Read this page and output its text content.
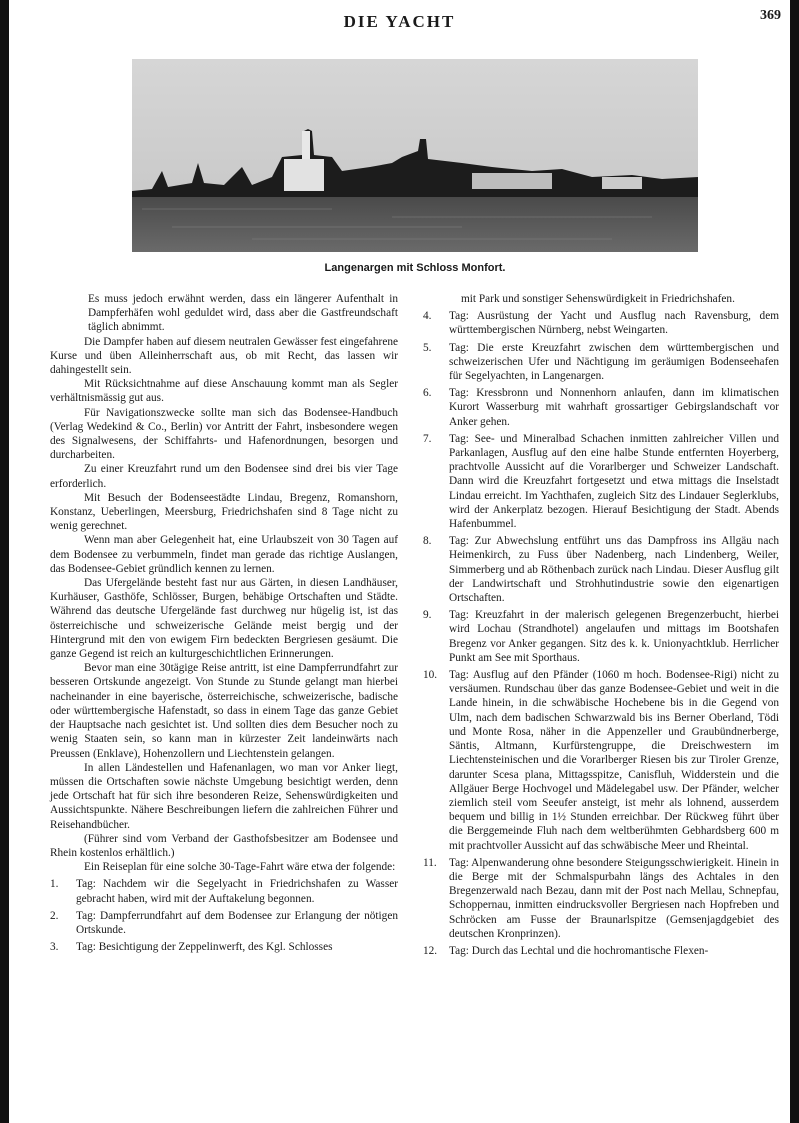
DIE YACHT	369
Langenargen mit Schloss Monfort.

Es muss jedoch erwähnt werden, dass ein längerer Aufenthalt in Dampferhäfen wohl geduldet wird, dass aber die Gastfreundschaft täglich abnimmt.

Die Dampfer haben auf diesem neutralen Gewässer fest eingefahrene Kurse und üben Alleinherrschaft aus, ob mit Recht, das lassen wir dahingestellt sein.

Mit Rücksichtnahme auf diese Anschauung kommt man als Segler verhältnismässig gut aus.

Für Navigationszwecke sollte man sich das Bodensee-Handbuch (Verlag Wedekind & Co., Berlin) vor Antritt der Fahrt, insbesondere wegen des Signalwesens, der Schiffahrts- und Hafenordnungen, besorgen und durcharbeiten.

Zu einer Kreuzfahrt rund um den Bodensee sind drei bis vier Tage erforderlich.

Mit Besuch der Bodenseestädte Lindau, Bregenz, Romanshorn, Konstanz, Ueberlingen, Meersburg, Friedrichshafen sind 8 Tage nicht zu wenig gerechnet.

Wenn man aber Gelegenheit hat, eine Urlaubszeit von 30 Tagen auf dem Bodensee zu verbummeln, findet man gerade das richtige Auslangen, das Bodensee-Gebiet gründlich kennen zu lernen.

Das Ufergelände besteht fast nur aus Gärten, in diesen Landhäuser, Kurhäuser, Gasthöfe, Schlösser, Burgen, behäbige Ortschaften und Städte. Während das deutsche Ufergelände fast durchweg nur hügelig ist, ist das österreichische und schweizerische Gelände meist bergig und der Hintergrund mit den von ewigem Firn bedeckten Bergriesen gesäumt. Die ganze Gegend ist reich an kulturgeschichtlichen Erinnerungen.

Bevor man eine 30tägige Reise antritt, ist eine Dampferrundfahrt zur besseren Ortskunde angezeigt. Von Stunde zu Stunde gelangt man hierbei nacheinander in eine bayerische, österreichische, schweizerische, badische oder württembergische Hafenstadt, so dass in einem Tage das ganze Gebiet der Hauptsache nach gesichtet ist. Und sollten dies dem Besucher noch zu wenig Staaten sein, so kann man in kürzester Zeit landeinwärts nach Preussen (Enklave), Hohenzollern und Liechtenstein gelangen.

In allen Ländestellen und Hafenanlagen, wo man vor Anker liegt, müssen die Ortschaften sowie nächste Umgebung besichtigt werden, denn jede Ortschaft hat für sich ihre besonderen Reize, Sehenswürdigkeiten und Aussichtspunkte. Nähere Beschreibungen liefern die zahlreichen Führer und Reisehandbücher.

(Führer sind vom Verband der Gasthofsbesitzer am Bodensee und Rhein kostenlos erhältlich.)

Ein Reiseplan für eine solche 30-Tage-Fahrt wäre etwa der folgende:

1. Tag: Nachdem wir die Segelyacht in Friedrichshafen zu Wasser gebracht haben, wird mit der Auftakelung begonnen.
2. Tag: Dampferrundfahrt auf dem Bodensee zur Erlangung der nötigen Ortskunde.
3. Tag: Besichtigung der Zeppelinwerft, des Kgl. Schlosses

mit Park und sonstiger Sehenswürdigkeit in Friedrichshafen.

4. Tag: Ausrüstung der Yacht und Ausflug nach Ravensburg, dem württembergischen Nürnberg, nebst Weingarten.
5. Tag: Die erste Kreuzfahrt zwischen dem württembergischen und schweizerischen Ufer und Nächtigung im geräumigen Bodenseehafen für Segelyachten, in Langenargen.
6. Tag: Kressbronn und Nonnenhorn anlaufen, dann im klimatischen Kurort Wasserburg mit wahrhaft grossartiger Gebirgslandschaft vor Anker gehen.
7. Tag: See- und Mineralbad Schachen inmitten zahlreicher Villen und Parkanlagen, Ausflug auf den eine halbe Stunde entfernten Hoyerberg, prachtvolle Aussicht auf die Vorarlberger und Schweizer Landschaft. Dann wird die Kreuzfahrt fortgesetzt und etwa mittags die Inselstadt Lindau erreicht. Im Yachthafen, zugleich Sitz des Lindauer Seglerklubs, wird der Ankerplatz bezogen. Hierauf Besichtigung der Stadt. Abends Hafenbummel.
8. Tag: Zur Abwechslung entführt uns das Dampfross ins Allgäu nach Heimenkirch, zu Fuss über Nadenberg, nach Lindenberg, Weiler, Simmerberg und ab Röthenbach zurück nach Lindau. Dieser Ausflug gilt der Landwirtschaft und Strohhutindustrie sowie den eigenartigen Ortschaften.
9. Tag: Kreuzfahrt in der malerisch gelegenen Bregenzerbucht, hierbei wird Lochau (Strandhotel) angelaufen und mittags im Bootshafen Bregenz vor Anker gegangen. Sitz des k. k. Unionyachtklub. Herrlicher Punkt am See mit Sporthaus.
10. Tag: Ausflug auf den Pfänder (1060 m hoch. Bodensee-Rigi) nicht zu versäumen. Rundschau über das ganze Bodensee-Gebiet und weit in die Lande hinein, in die schwäbische Hochebene bis in die Gegend von Ulm, nach dem badischen Schwarzwald bis ins Berner Oberland, Tödi und Monte Rosa, näher in die Appenzeller und Graubündnerberge, Säntis, Altmann, Kurfürstengruppe, die Dreischwestern im Liechtensteinischen und die Vorarlberger Riesen bis zur Tiroler Grenze, darunter Scesa plana, Mittagsspitze, Canisfluh, Widderstein und die Allgäuer Berge Hochvogel und Mädelegabel usw. Der Pfänder, welcher ziemlich steil vom Seeufer ansteigt, ist mehr als lohnend, ausserdem bequem und billig in 1½ Stunden erreichbar. Der Rückweg führt über die Berggemeinde Fluh nach dem weltberühmten Gebhardsberg 600 m mit prachtvoller Aussicht auf das schwäbische Meer und Rheintal.
11. Tag: Alpenwanderung ohne besondere Steigungsschwierigkeit. Hinein in die Berge mit der Schmalspurbahn längs des Achtales in den Bregenzerwald nach Bezau, dann mit der Post nach Mellau, Schnepfau, Schoppernau, inmitten eindrucksvoller Bergriesen nach Hopfreben und Schröcken am Fusse der Braunarlspitze (Gemsenjagdgebiet des deutschen Kronprinzen).
12. Tag: Durch das Lechtal und die hochromantische Flexen-
